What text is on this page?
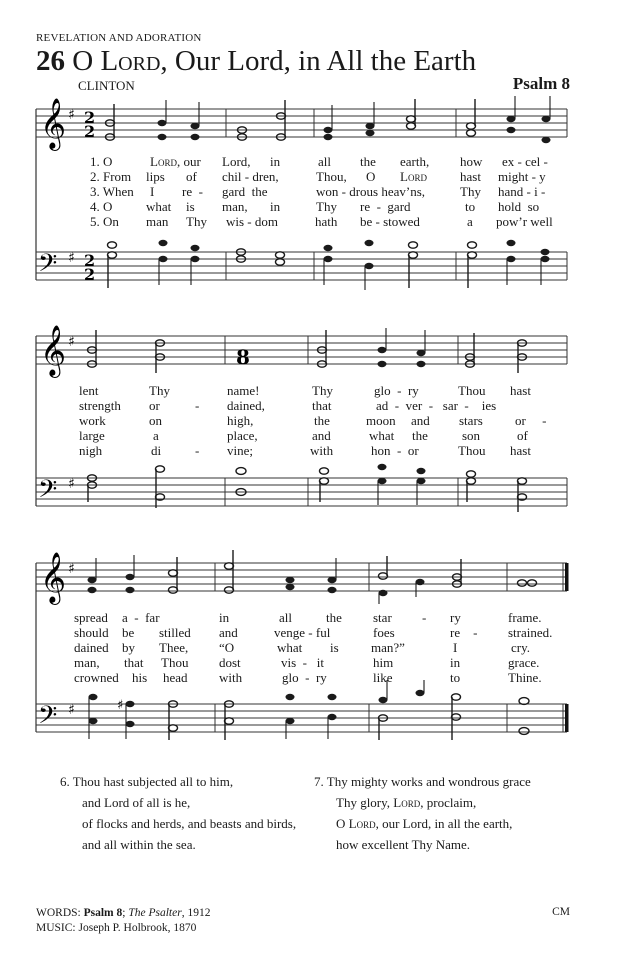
REVELATION AND ADORATION
26 O Lord, Our Lord, in All the Earth
CLINTON	Psalm 8
𝄞
𝄢
♯
♯
2
2
2
2
𝄞
𝄢
♯
♯
8
𝄞
𝄢
♯
♯	♯
1. O	Lord, our Lord, in	all the earth, how ex - cel -
2. From lips of chil - dren,	Thou, O Lord	hast might - y
3. When I re  - gard  the	won - drous heav’ns,	Thy hand - i -
4. O	what is man, in	Thy re  -  gard	to hold  so
5. On man Thy wis - dom	hath be - stowed	a pow’r well
lent	Thy	name!	Thy	glo  -  ry	Thou hast
strength or	- dained,	that	ad  -  ver  -   sar  -    ies
work	on	high,	the	moon and stars or     -
large	a	place,	and	what the	son	of
nigh	di	- vine;	with	hon  -  or	Thou hast
spread a  -  far	in	all	the star - ry	frame.
should be stilled and	venge - ful	foes	re    - strained.
dained by Thee, “O	what is man?”	I	cry.
man, that Thou dost	vis  -   it	him	in	grace.
crowned his head with	glo  -  ry	like	to	Thine.
6. Thou hast subjected all to him,
and Lord of all is he,
of flocks and herds, and beasts and birds,
and all within the sea.
7. Thy mighty works and wondrous grace
Thy glory, Lord, proclaim,
O Lord, our Lord, in all the earth,
how excellent Thy Name.
WORDS: Psalm 8; The Psalter, 1912
MUSIC: Joseph P. Holbrook, 1870
CM
